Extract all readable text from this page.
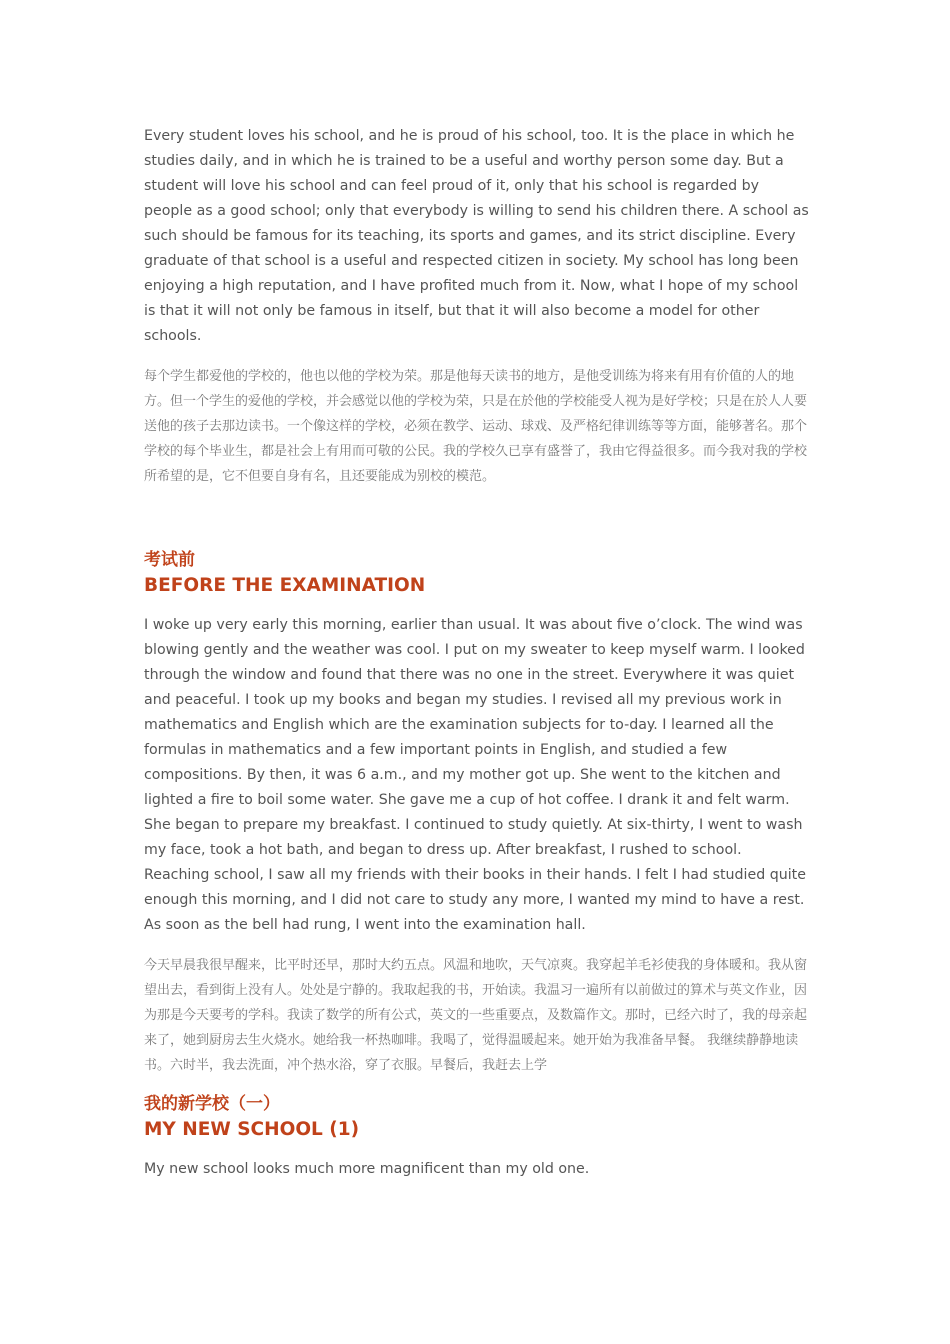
Every student loves his school, and he is proud of his school, too. It is the place in which he studies daily, and in which he is trained to be a useful and worthy person some day. But a student will love his school and can feel proud of it, only that his school is regarded by people as a good school; only that everybody is willing to send his children there. A school as such should be famous for its teaching, its sports and games, and its strict discipline. Every graduate of that school is a useful and respected citizen in society. My school has long been enjoying a high reputation, and I have profited much from it. Now, what I hope of my school is that it will not only be famous in itself, but that it will also become a model for other schools.

每个学生都爱他的学校的，他也以他的学校为荣。那是他每天读书的地方，是他受训练为将来有用有价值的人的地方。但一个学生的爱他的学校，并会感觉以他的学校为荣，只是在於他的学校能受人视为是好学校；只是在於人人要送他的孩子去那边读书。一个像这样的学校，必须在教学、运动、球戏、及严格纪律训练等等方面，能够著名。那个学校的每个毕业生，都是社会上有用而可敬的公民。我的学校久已享有盛誉了，我由它得益很多。而今我对我的学校所希望的是，它不但要自身有名，且还要能成为别校的模范。

考试前
BEFORE THE EXAMINATION

I woke up very early this morning, earlier than usual. It was about five o’clock. The wind was blowing gently and the weather was cool. I put on my sweater to keep myself warm. I looked through the window and found that there was no one in the street. Everywhere it was quiet and peaceful. I took up my books and began my studies. I revised all my previous work in mathematics and English which are the examination subjects for to-day. I learned all the formulas in mathematics and a few important points in English, and studied a few compositions. By then, it was 6 a.m., and my mother got up. She went to the kitchen and lighted a fire to boil some water. She gave me a cup of hot coffee. I drank it and felt warm. She began to prepare my breakfast. I continued to study quietly. At six-thirty, I went to wash my face, took a hot bath, and began to dress up. After breakfast, I rushed to school. Reaching school, I saw all my friends with their books in their hands. I felt I had studied quite enough this morning, and I did not care to study any more, I wanted my mind to have a rest. As soon as the bell had rung, I went into the examination hall.

今天早晨我很早醒来，比平时还早，那时大约五点。风温和地吹，天气凉爽。我穿起羊毛衫使我的身体暖和。我从窗望出去，看到街上没有人。处处是宁静的。我取起我的书，开始读。我温习一遍所有以前做过的算术与英文作业，因为那是今天要考的学科。我读了数学的所有公式，英文的一些重要点，及数篇作文。那时，已经六时了，我的母亲起来了，她到厨房去生火烧水。她给我一杯热咖啡。我喝了，觉得温暖起来。她开始为我准备早餐。 我继续静静地读书。六时半，我去洗面，冲个热水浴，穿了衣服。早餐后，我赶去上学

我的新学校（一）
MY NEW SCHOOL (1)

My new school looks much more magnificent than my old one.
